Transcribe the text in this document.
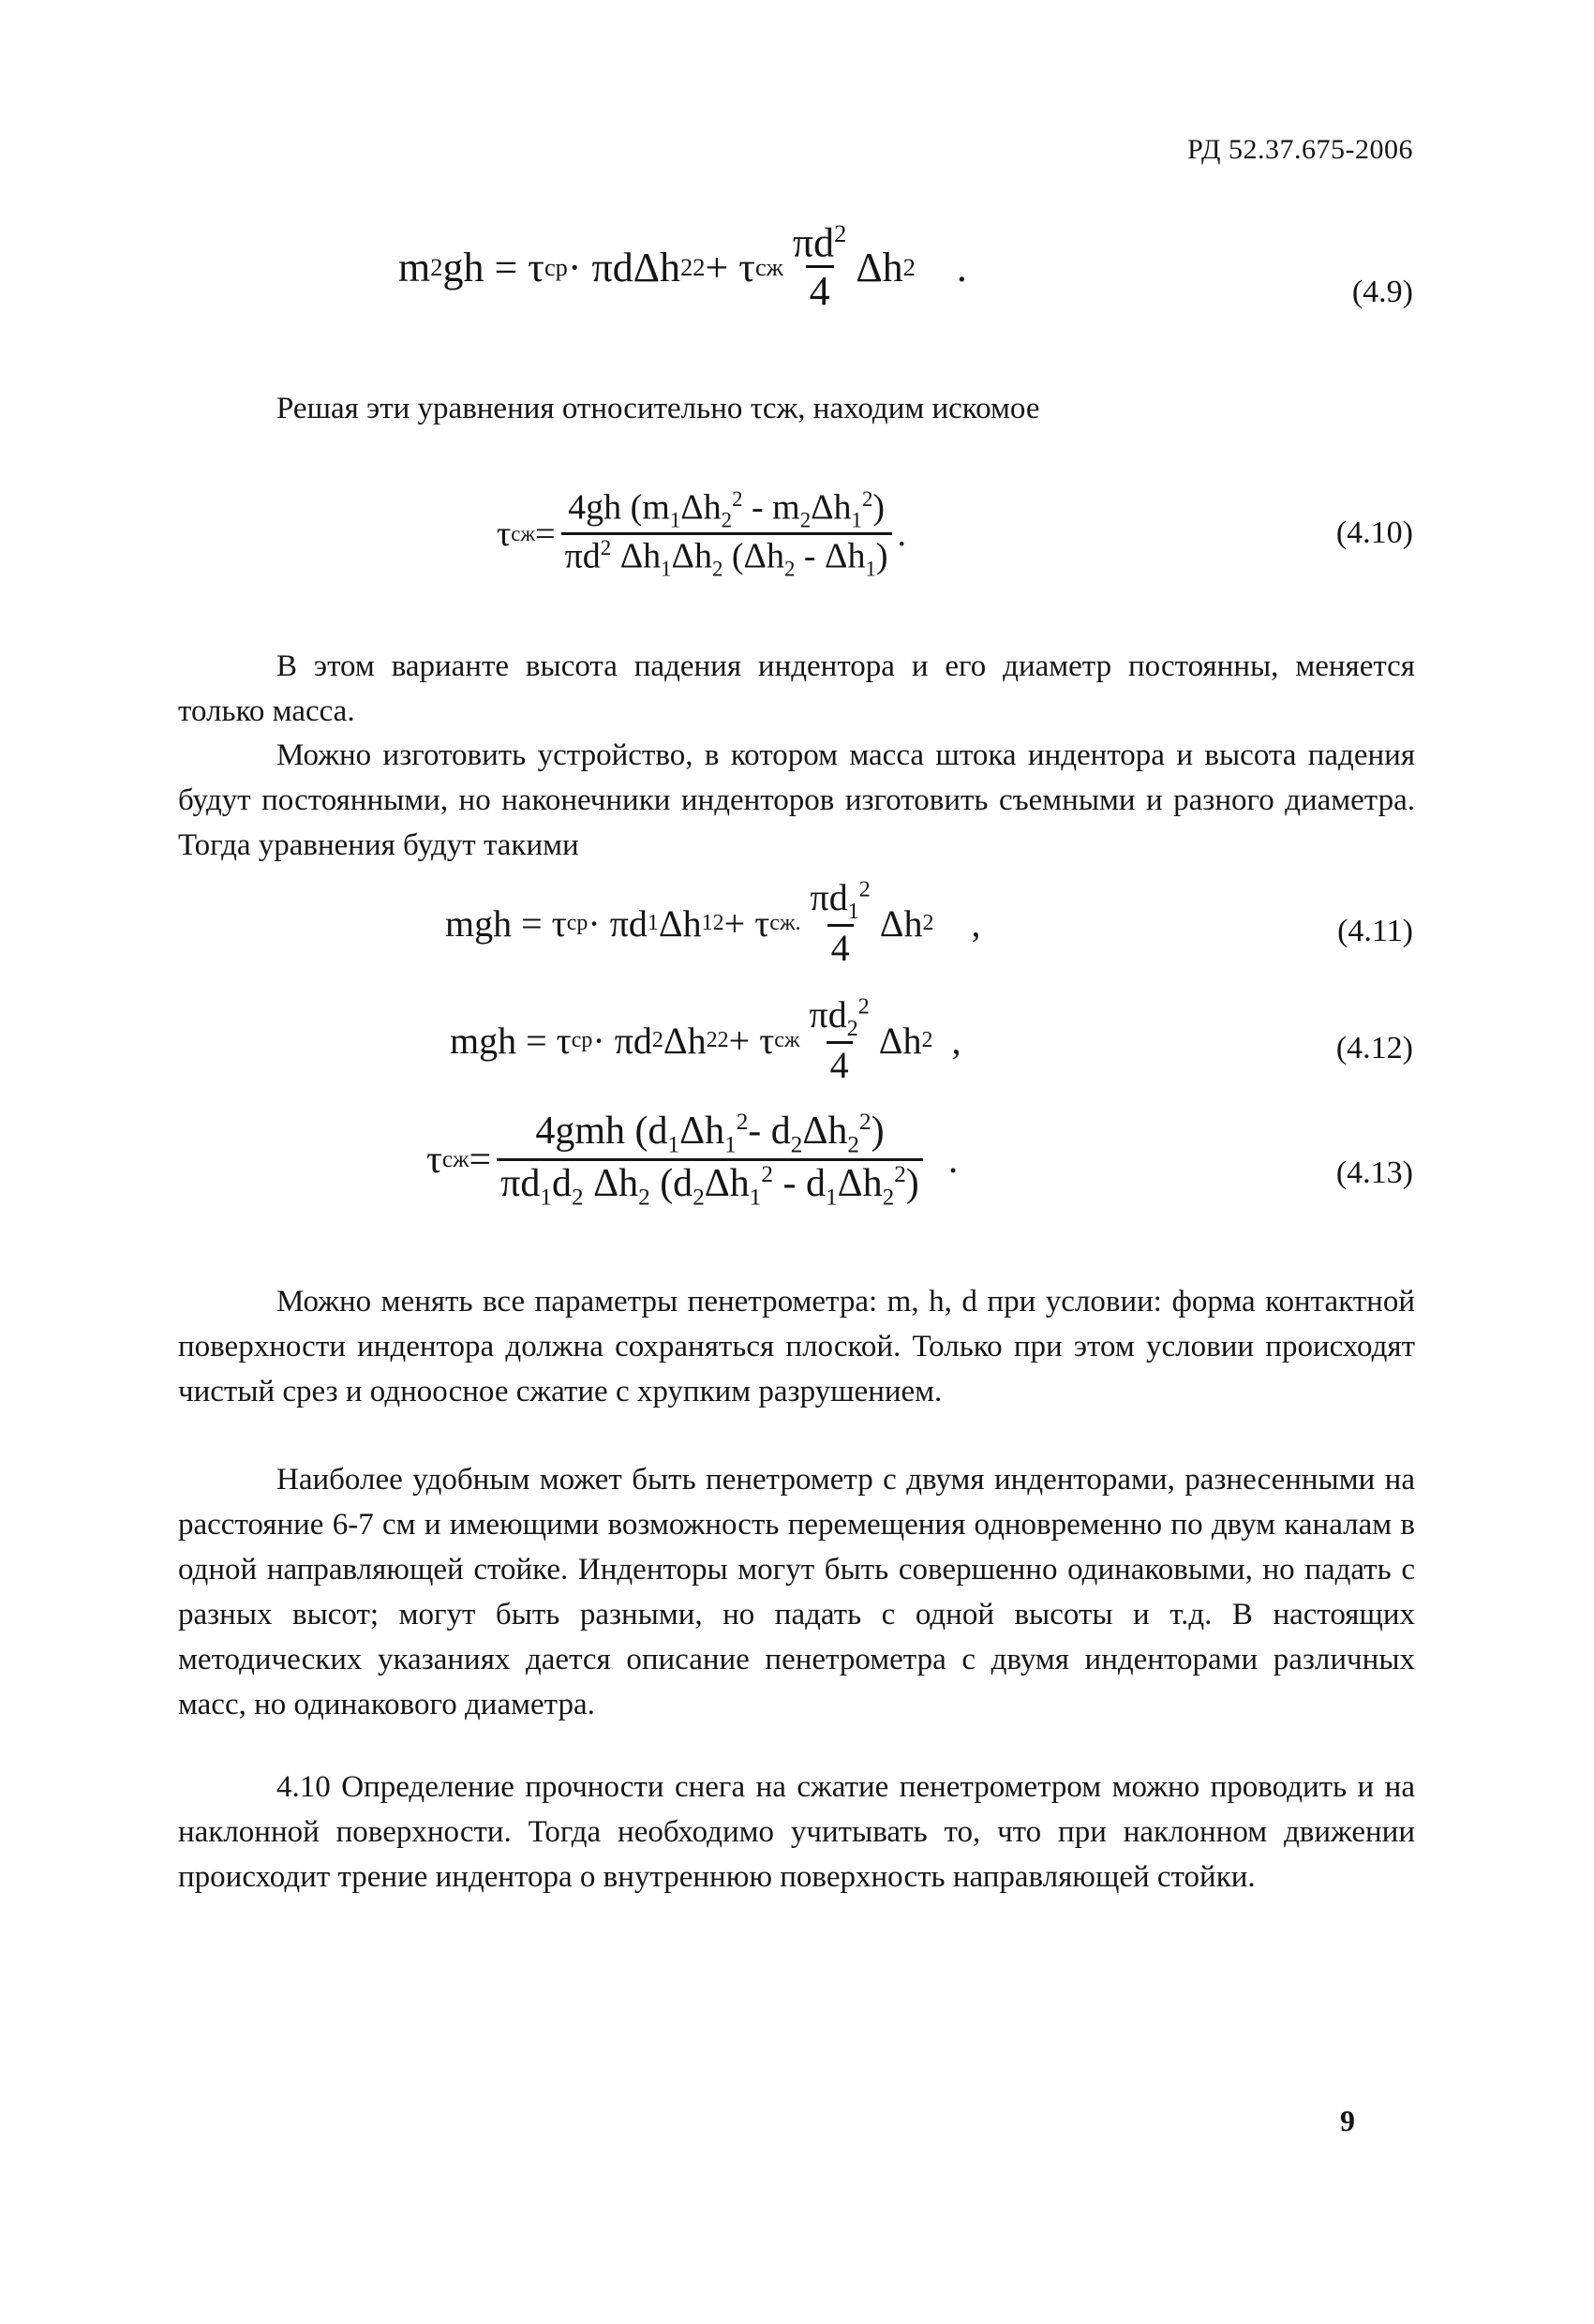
РД 52.37.675-2006
m 2 gh = τ ср · πdΔh 2 2 + τ сж $\frac{\pi d^2}{4}$ Δh 2 .
(4.9)

Решая эти уравнения относительно τсж, находим искомое

τ сж = $\frac{4gh (m_1\Delta h_2^2 - m_2\Delta h_1^2)}{\pi d^2 \Delta h_1\Delta h_2 (\Delta h_2 - \Delta h_1)}$ .	(4.10)

В этом варианте высота падения индентора и его диаметр постоянны, меняется только масса.

Можно изготовить устройство, в котором масса штока индентора и высота падения будут постоянными, но наконечники инденторов изготовить съемными и разного диаметра. Тогда уравнения будут такими

mgh = τ ср · πd 1 Δh 1 2 + τ сж. $\frac{\pi d_1^2}{4}$ Δh 2 ,	(4.11)
mgh = τ ср · πd 2 Δh 2 2 + τ сж $\frac{\pi d_2^2}{4}$ Δh 2 ,	(4.12)
τ сж = $\frac{4gmh (d_1\Delta h_1^2- d_2\Delta h_2^2)}{\pi d_1d_2 \Delta h_2 (d_2\Delta h_1^2 - d_1\Delta h_2^2)}$ .	(4.13)

Можно менять все параметры пенетрометра: m, h, d при условии: форма контактной поверхности индентора должна сохраняться плоской. Только при этом условии происходят чистый срез и одноосное сжатие с хрупким разрушением.

Наиболее удобным может быть пенетрометр с двумя инденторами, разнесенными на расстояние 6-7 см и имеющими возможность перемещения одновременно по двум каналам в одной направляющей стойке. Инденторы могут быть совершенно одинаковыми, но падать с разных высот; могут быть разными, но падать с одной высоты и т.д. В настоящих методических указаниях дается описание пенетрометра с двумя инденторами различных масс, но одинакового диаметра.

4.10 Определение прочности снега на сжатие пенетрометром можно проводить и на наклонной поверхности. Тогда необходимо учитывать то, что при наклонном движении происходит трение индентора о внутреннюю поверхность направляющей стойки.

9
